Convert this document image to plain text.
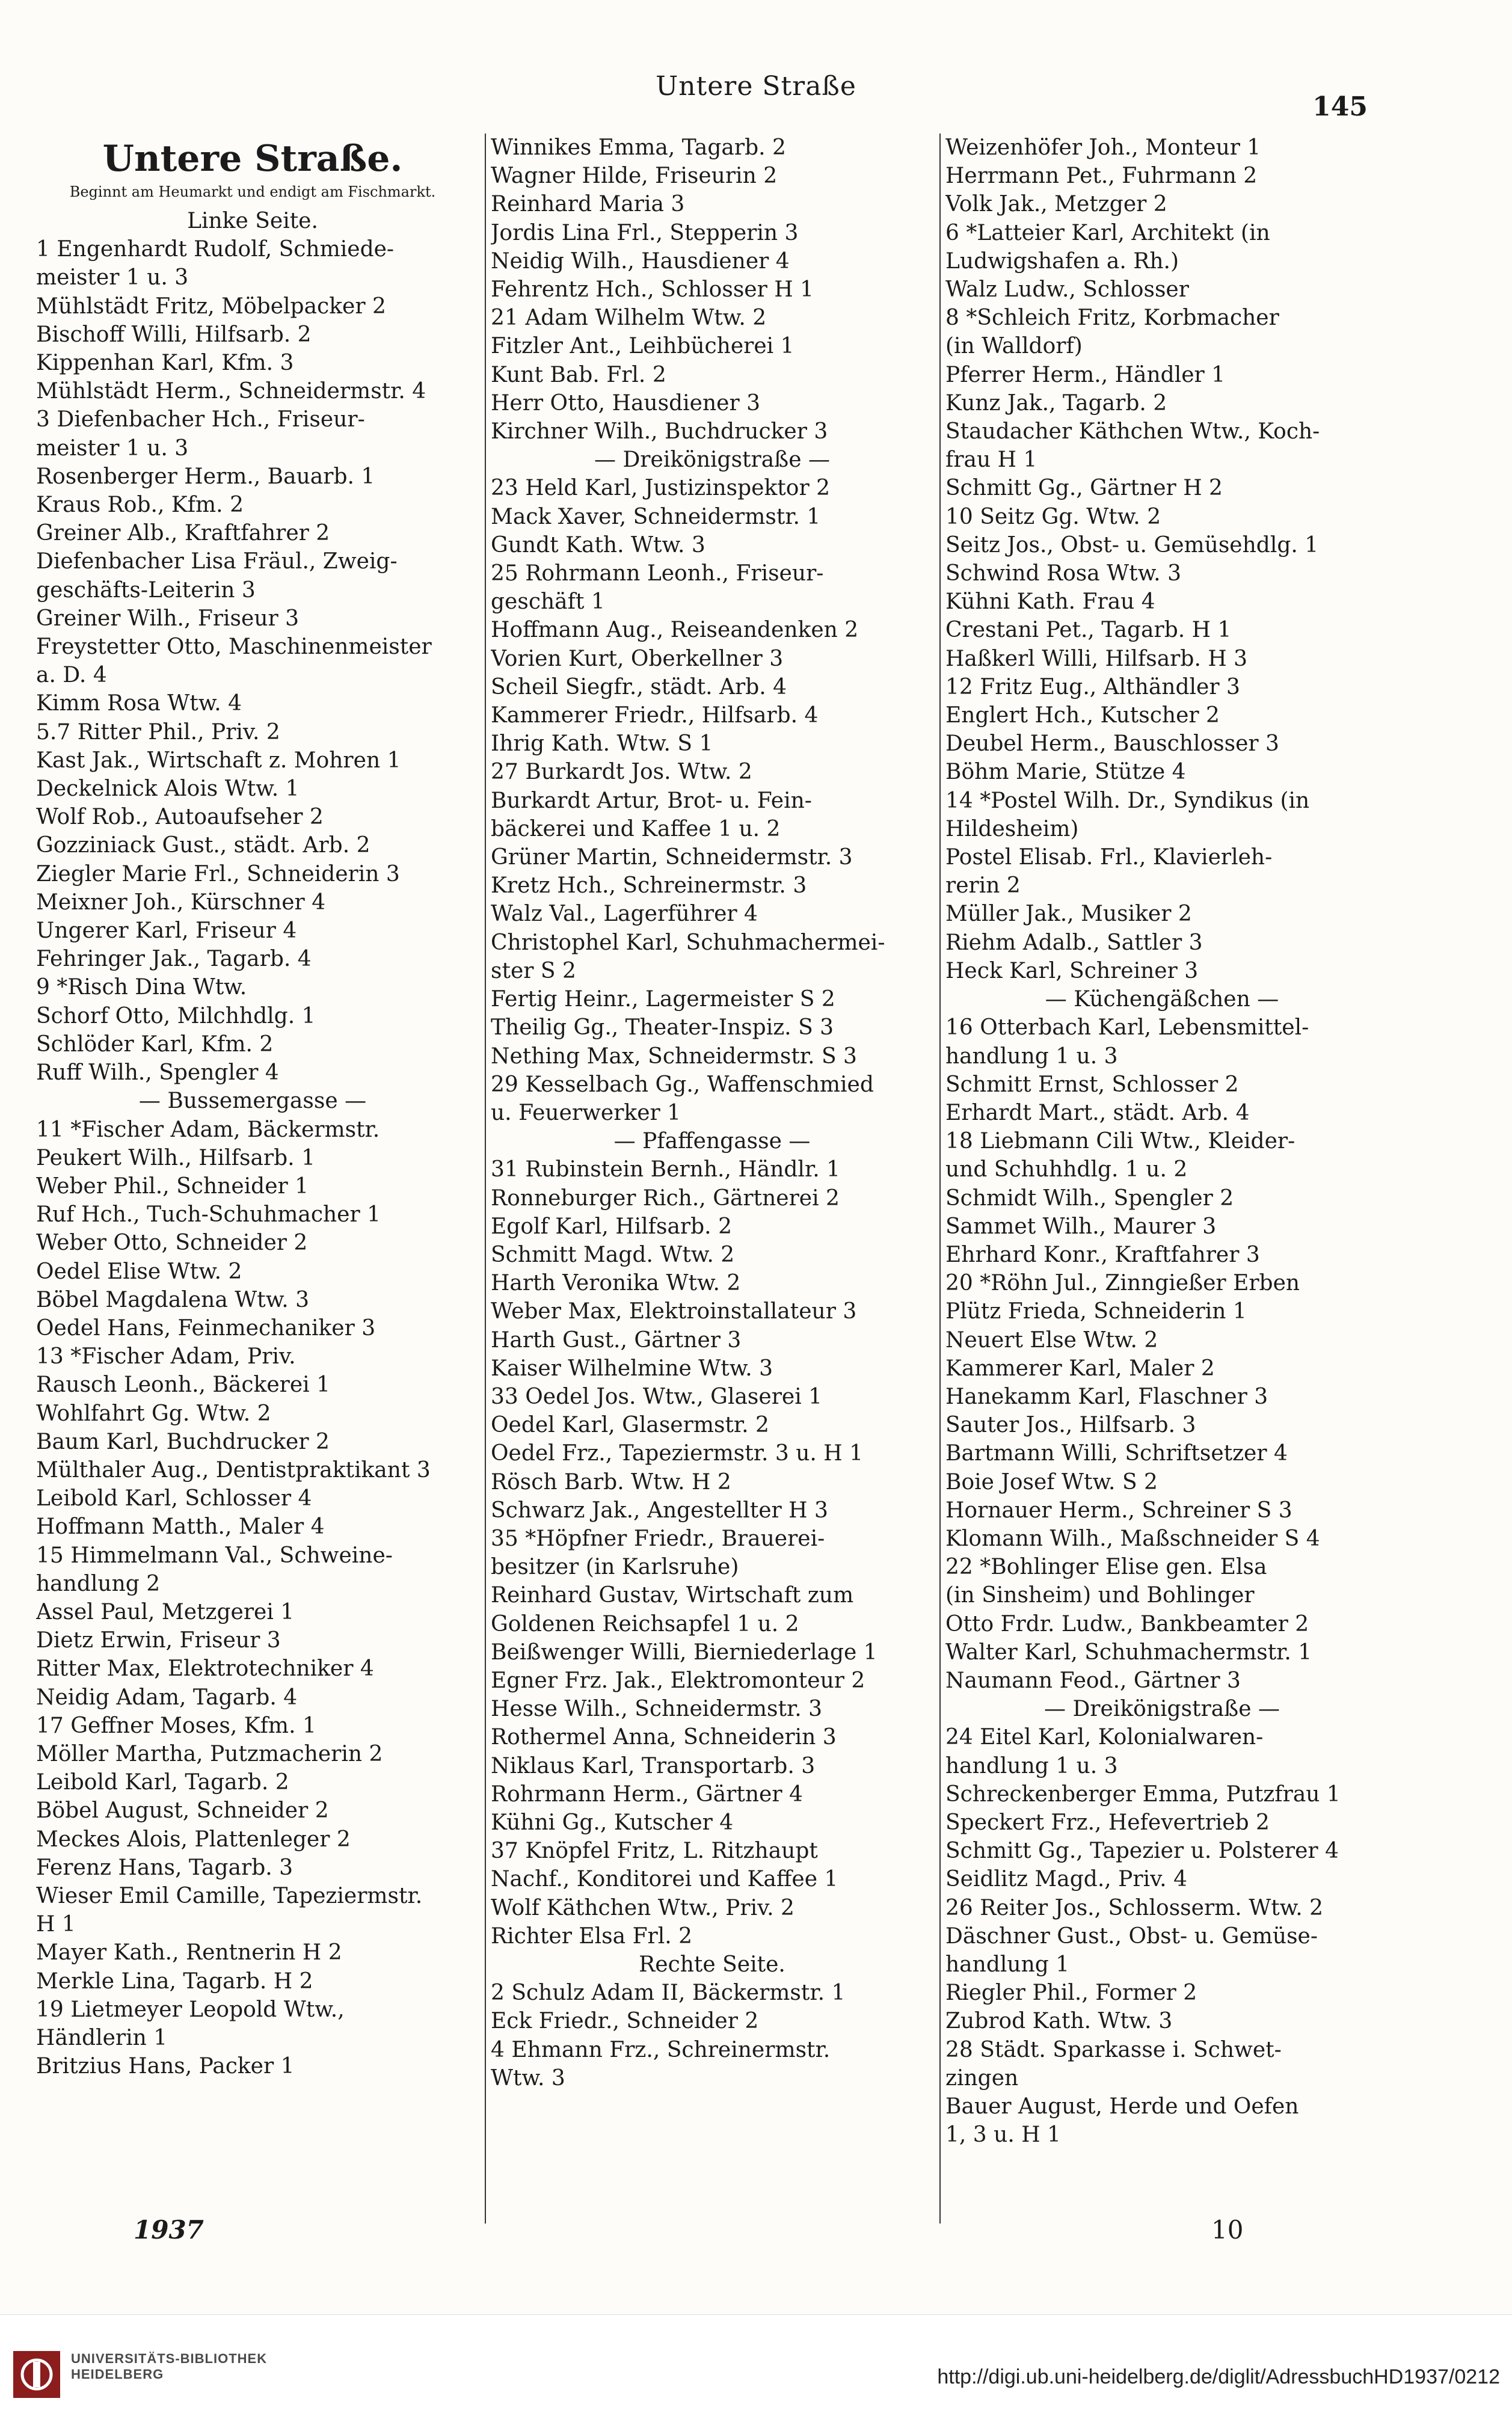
Untere Straße
145
Untere Straße.
Beginnt am Heumarkt und endigt am Fischmarkt.
Linke Seite.
1 Engenhardt Rudolf, Schmiede-
meister 1 u. 3
Mühlstädt Fritz, Möbelpacker 2
Bischoff Willi, Hilfsarb. 2
Kippenhan Karl, Kfm. 3
Mühlstädt Herm., Schneidermstr. 4
3 Diefenbacher Hch., Friseur-
meister 1 u. 3
Rosenberger Herm., Bauarb. 1
Kraus Rob., Kfm. 2
Greiner Alb., Kraftfahrer 2
Diefenbacher Lisa Fräul., Zweig-
geschäfts-Leiterin 3
Greiner Wilh., Friseur 3
Freystetter Otto, Maschinenmeister
a. D. 4
Kimm Rosa Wtw. 4
5.7 Ritter Phil., Priv. 2
Kast Jak., Wirtschaft z. Mohren 1
Deckelnick Alois Wtw. 1
Wolf Rob., Autoaufseher 2
Gozziniack Gust., städt. Arb. 2
Ziegler Marie Frl., Schneiderin 3
Meixner Joh., Kürschner 4
Ungerer Karl, Friseur 4
Fehringer Jak., Tagarb. 4
9 *Risch Dina Wtw.
Schorf Otto, Milchhdlg. 1
Schlöder Karl, Kfm. 2
Ruff Wilh., Spengler 4
— Bussemergasse —
11 *Fischer Adam, Bäckermstr.
Peukert Wilh., Hilfsarb. 1
Weber Phil., Schneider 1
Ruf Hch., Tuch-Schuhmacher 1
Weber Otto, Schneider 2
Oedel Elise Wtw. 2
Böbel Magdalena Wtw. 3
Oedel Hans, Feinmechaniker 3
13 *Fischer Adam, Priv.
Rausch Leonh., Bäckerei 1
Wohlfahrt Gg. Wtw. 2
Baum Karl, Buchdrucker 2
Mülthaler Aug., Dentistpraktikant 3
Leibold Karl, Schlosser 4
Hoffmann Matth., Maler 4
15 Himmelmann Val., Schweine-
handlung 2
Assel Paul, Metzgerei 1
Dietz Erwin, Friseur 3
Ritter Max, Elektrotechniker 4
Neidig Adam, Tagarb. 4
17 Geffner Moses, Kfm. 1
Möller Martha, Putzmacherin 2
Leibold Karl, Tagarb. 2
Böbel August, Schneider 2
Meckes Alois, Plattenleger 2
Ferenz Hans, Tagarb. 3
Wieser Emil Camille, Tapeziermstr.
H 1
Mayer Kath., Rentnerin H 2
Merkle Lina, Tagarb. H 2
19 Lietmeyer Leopold Wtw.,
Händlerin 1
Britzius Hans, Packer 1
Winnikes Emma, Tagarb. 2
Wagner Hilde, Friseurin 2
Reinhard Maria 3
Jordis Lina Frl., Stepperin 3
Neidig Wilh., Hausdiener 4
Fehrentz Hch., Schlosser H 1
21 Adam Wilhelm Wtw. 2
Fitzler Ant., Leihbücherei 1
Kunt Bab. Frl. 2
Herr Otto, Hausdiener 3
Kirchner Wilh., Buchdrucker 3
— Dreikönigstraße —
23 Held Karl, Justizinspektor 2
Mack Xaver, Schneidermstr. 1
Gundt Kath. Wtw. 3
25 Rohrmann Leonh., Friseur-
geschäft 1
Hoffmann Aug., Reiseandenken 2
Vorien Kurt, Oberkellner 3
Scheil Siegfr., städt. Arb. 4
Kammerer Friedr., Hilfsarb. 4
Ihrig Kath. Wtw. S 1
27 Burkardt Jos. Wtw. 2
Burkardt Artur, Brot- u. Fein-
bäckerei und Kaffee 1 u. 2
Grüner Martin, Schneidermstr. 3
Kretz Hch., Schreinermstr. 3
Walz Val., Lagerführer 4
Christophel Karl, Schuhmachermei-
ster S 2
Fertig Heinr., Lagermeister S 2
Theilig Gg., Theater-Inspiz. S 3
Nething Max, Schneidermstr. S 3
29 Kesselbach Gg., Waffenschmied
u. Feuerwerker 1
— Pfaffengasse —
31 Rubinstein Bernh., Händlr. 1
Ronneburger Rich., Gärtnerei 2
Egolf Karl, Hilfsarb. 2
Schmitt Magd. Wtw. 2
Harth Veronika Wtw. 2
Weber Max, Elektroinstallateur 3
Harth Gust., Gärtner 3
Kaiser Wilhelmine Wtw. 3
33 Oedel Jos. Wtw., Glaserei 1
Oedel Karl, Glasermstr. 2
Oedel Frz., Tapeziermstr. 3 u. H 1
Rösch Barb. Wtw. H 2
Schwarz Jak., Angestellter H 3
35 *Höpfner Friedr., Brauerei-
besitzer (in Karlsruhe)
Reinhard Gustav, Wirtschaft zum
Goldenen Reichsapfel 1 u. 2
Beißwenger Willi, Bierniederlage 1
Egner Frz. Jak., Elektromonteur 2
Hesse Wilh., Schneidermstr. 3
Rothermel Anna, Schneiderin 3
Niklaus Karl, Transportarb. 3
Rohrmann Herm., Gärtner 4
Kühni Gg., Kutscher 4
37 Knöpfel Fritz, L. Ritzhaupt
Nachf., Konditorei und Kaffee 1
Wolf Käthchen Wtw., Priv. 2
Richter Elsa Frl. 2
Rechte Seite.
2 Schulz Adam II, Bäckermstr. 1
Eck Friedr., Schneider 2
4 Ehmann Frz., Schreinermstr.
Wtw. 3
Weizenhöfer Joh., Monteur 1
Herrmann Pet., Fuhrmann 2
Volk Jak., Metzger 2
6 *Latteier Karl, Architekt (in
Ludwigshafen a. Rh.)
Walz Ludw., Schlosser
8 *Schleich Fritz, Korbmacher
(in Walldorf)
Pferrer Herm., Händler 1
Kunz Jak., Tagarb. 2
Staudacher Käthchen Wtw., Koch-
frau H 1
Schmitt Gg., Gärtner H 2
10 Seitz Gg. Wtw. 2
Seitz Jos., Obst- u. Gemüsehdlg. 1
Schwind Rosa Wtw. 3
Kühni Kath. Frau 4
Crestani Pet., Tagarb. H 1
Haßkerl Willi, Hilfsarb. H 3
12 Fritz Eug., Althändler 3
Englert Hch., Kutscher 2
Deubel Herm., Bauschlosser 3
Böhm Marie, Stütze 4
14 *Postel Wilh. Dr., Syndikus (in
Hildesheim)
Postel Elisab. Frl., Klavierleh-
rerin 2
Müller Jak., Musiker 2
Riehm Adalb., Sattler 3
Heck Karl, Schreiner 3
— Küchengäßchen —
16 Otterbach Karl, Lebensmittel-
handlung 1 u. 3
Schmitt Ernst, Schlosser 2
Erhardt Mart., städt. Arb. 4
18 Liebmann Cili Wtw., Kleider-
und Schuhhdlg. 1 u. 2
Schmidt Wilh., Spengler 2
Sammet Wilh., Maurer 3
Ehrhard Konr., Kraftfahrer 3
20 *Röhn Jul., Zinngießer Erben
Plütz Frieda, Schneiderin 1
Neuert Else Wtw. 2
Kammerer Karl, Maler 2
Hanekamm Karl, Flaschner 3
Sauter Jos., Hilfsarb. 3
Bartmann Willi, Schriftsetzer 4
Boie Josef Wtw. S 2
Hornauer Herm., Schreiner S 3
Klomann Wilh., Maßschneider S 4
22 *Bohlinger Elise gen. Elsa
(in Sinsheim) und Bohlinger
Otto Frdr. Ludw., Bankbeamter 2
Walter Karl, Schuhmachermstr. 1
Naumann Feod., Gärtner 3
— Dreikönigstraße —
24 Eitel Karl, Kolonialwaren-
handlung 1 u. 3
Schreckenberger Emma, Putzfrau 1
Speckert Frz., Hefevertrieb 2
Schmitt Gg., Tapezier u. Polsterer 4
Seidlitz Magd., Priv. 4
26 Reiter Jos., Schlosserm. Wtw. 2
Däschner Gust., Obst- u. Gemüse-
handlung 1
Riegler Phil., Former 2
Zubrod Kath. Wtw. 3
28 Städt. Sparkasse i. Schwet-
zingen
Bauer August, Herde und Oefen
1, 3 u. H 1
1937	10
UNIVERSITÄTS-BIBLIOTHEK HEIDELBERG	http://digi.ub.uni-heidelberg.de/diglit/AdressbuchHD1937/0212
